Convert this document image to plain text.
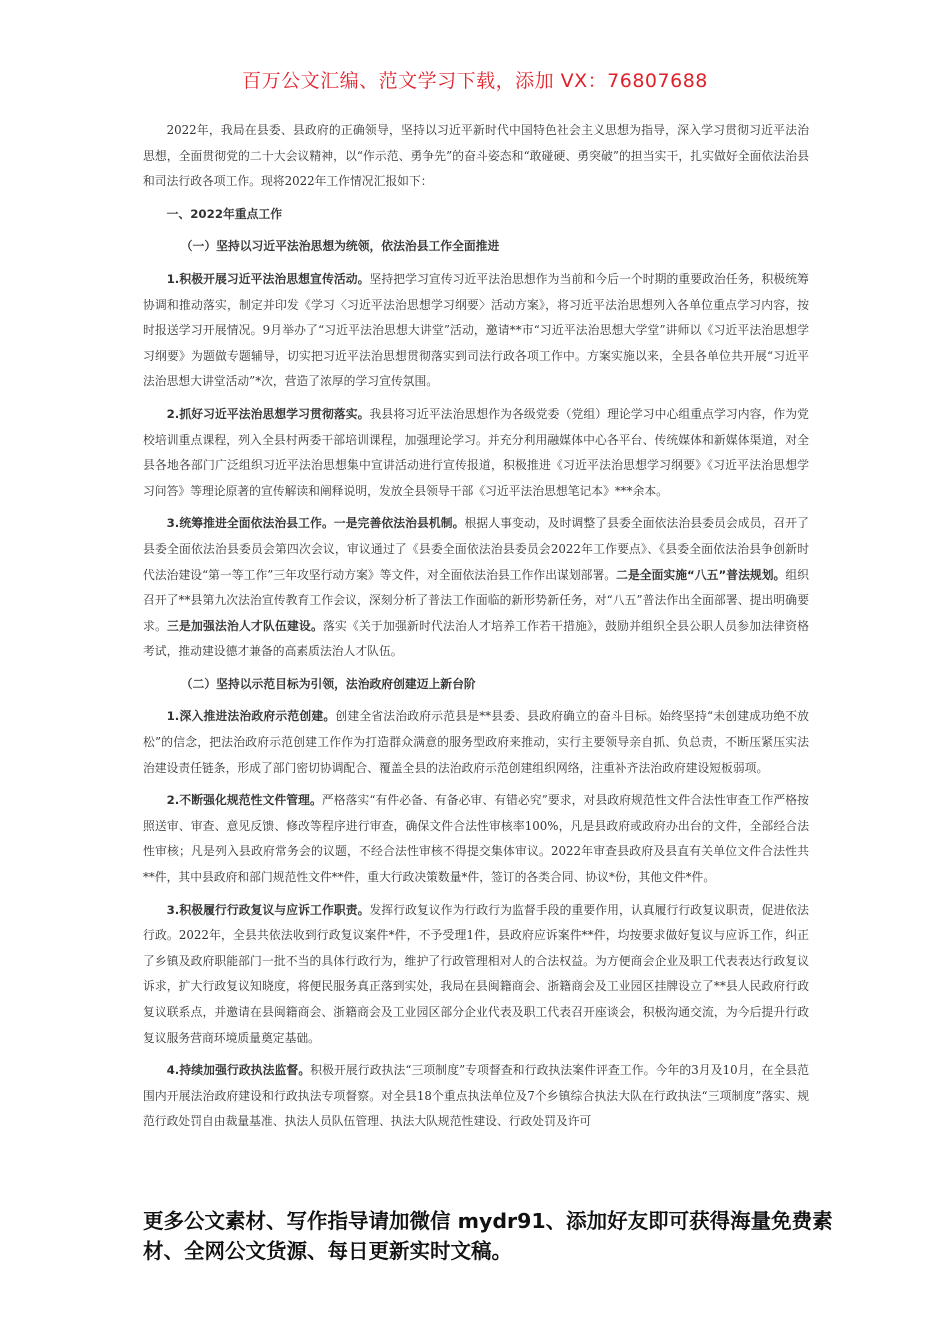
百万公文汇编、范文学习下载，添加 VX：76807688

2022年，我局在县委、县政府的正确领导，坚持以习近平新时代中国特色社会主义思想为指导，深入学习贯彻习近平法治思想，全面贯彻党的二十大会议精神，以“作示范、勇争先”的奋斗姿态和“敢碰硬、勇突破”的担当实干，扎实做好全面依法治县和司法行政各项工作。现将2022年工作情况汇报如下：

一、2022年重点工作
（一）坚持以习近平法治思想为统领，依法治县工作全面推进

1.积极开展习近平法治思想宣传活动。坚持把学习宣传习近平法治思想作为当前和今后一个时期的重要政治任务，积极统筹协调和推动落实，制定并印发《学习〈习近平法治思想学习纲要〉活动方案》，将习近平法治思想列入各单位重点学习内容，按时报送学习开展情况。9月举办了“习近平法治思想大讲堂”活动，邀请**市“习近平法治思想大学堂”讲师以《习近平法治思想学习纲要》为题做专题辅导，切实把习近平法治思想贯彻落实到司法行政各项工作中。方案实施以来，全县各单位共开展“习近平法治思想大讲堂活动”*次，营造了浓厚的学习宣传氛围。

2.抓好习近平法治思想学习贯彻落实。我县将习近平法治思想作为各级党委（党组）理论学习中心组重点学习内容，作为党校培训重点课程，列入全县村两委干部培训课程，加强理论学习。并充分利用融媒体中心各平台、传统媒体和新媒体渠道，对全县各地各部门广泛组织习近平法治思想集中宣讲活动进行宣传报道，积极推进《习近平法治思想学习纲要》《习近平法治思想学习问答》等理论原著的宣传解读和阐释说明，发放全县领导干部《习近平法治思想笔记本》***余本。

3.统筹推进全面依法治县工作。一是完善依法治县机制。根据人事变动，及时调整了县委全面依法治县委员会成员，召开了县委全面依法治县委员会第四次会议，审议通过了《县委全面依法治县委员会2022年工作要点》、《县委全面依法治县争创新时代法治建设“第一等工作”三年攻坚行动方案》等文件，对全面依法治县工作作出谋划部署。二是全面实施“八五”普法规划。组织召开了**县第九次法治宣传教育工作会议，深刻分析了普法工作面临的新形势新任务，对“八五”普法作出全面部署、提出明确要求。三是加强法治人才队伍建设。落实《关于加强新时代法治人才培养工作若干措施》，鼓励并组织全县公职人员参加法律资格考试，推动建设德才兼备的高素质法治人才队伍。

（二）坚持以示范目标为引领，法治政府创建迈上新台阶

1.深入推进法治政府示范创建。创建全省法治政府示范县是**县委、县政府确立的奋斗目标。始终坚持“未创建成功绝不放松”的信念，把法治政府示范创建工作作为打造群众满意的服务型政府来推动，实行主要领导亲自抓、负总责，不断压紧压实法治建设责任链条，形成了部门密切协调配合、覆盖全县的法治政府示范创建组织网络，注重补齐法治政府建设短板弱项。

2.不断强化规范性文件管理。严格落实“有件必备、有备必审、有错必究”要求，对县政府规范性文件合法性审查工作严格按照送审、审查、意见反馈、修改等程序进行审查，确保文件合法性审核率100%，凡是县政府或政府办出台的文件，全部经合法性审核；凡是列入县政府常务会的议题，不经合法性审核不得提交集体审议。2022年审查县政府及县直有关单位文件合法性共**件，其中县政府和部门规范性文件**件，重大行政决策数量*件，签订的各类合同、协议*份，其他文件*件。

3.积极履行行政复议与应诉工作职责。发挥行政复议作为行政行为监督手段的重要作用，认真履行行政复议职责，促进依法行政。2022年，全县共依法收到行政复议案件*件，不予受理1件，县政府应诉案件**件，均按要求做好复议与应诉工作，纠正了乡镇及政府职能部门一批不当的具体行政行为，维护了行政管理相对人的合法权益。为方便商会企业及职工代表表达行政复议诉求，扩大行政复议知晓度，将便民服务真正落到实处，我局在县闽籍商会、浙籍商会及工业园区挂牌设立了**县人民政府行政复议联系点，并邀请在县闽籍商会、浙籍商会及工业园区部分企业代表及职工代表召开座谈会，积极沟通交流，为今后提升行政复议服务营商环境质量奠定基础。

4.持续加强行政执法监督。积极开展行政执法“三项制度”专项督查和行政执法案件评查工作。今年的3月及10月，在全县范围内开展法治政府建设和行政执法专项督察。对全县18个重点执法单位及7个乡镇综合执法大队在行政执法“三项制度”落实、规范行政处罚自由裁量基准、执法人员队伍管理、执法大队规范性建设、行政处罚及许可

更多公文素材、写作指导请加微信 mydr91、添加好友即可获得海量免费素材、全网公文货源、每日更新实时文稿。
